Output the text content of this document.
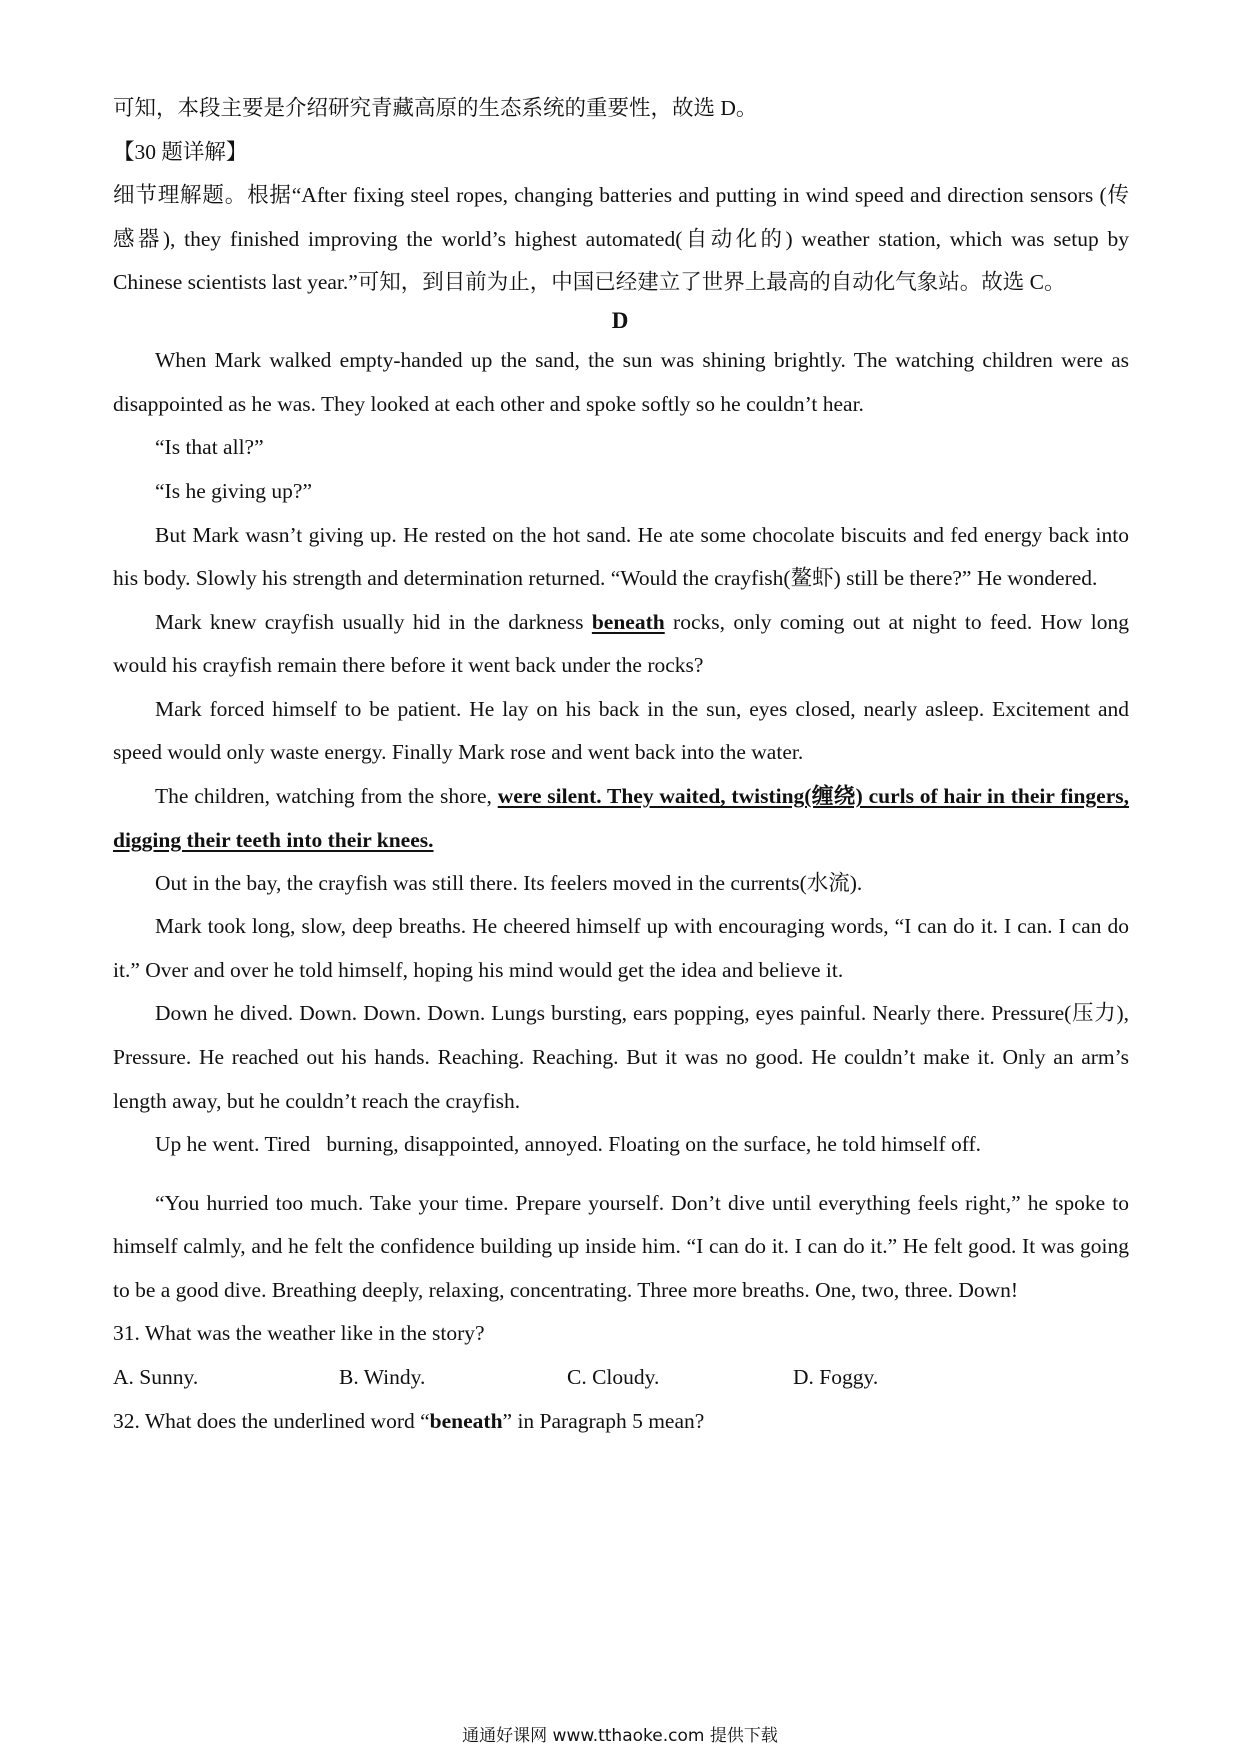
可知，本段主要是介绍研究青藏高原的生态系统的重要性，故选 D。
【30 题详解】
细节理解题。根据“After fixing steel ropes, changing batteries and putting in wind speed and direction sensors (传
感器), they finished improving the world’s highest automated(自动化的) weather station, which was setup by
Chinese scientists last year.”可知，到目前为止，中国已经建立了世界上最高的自动化气象站。故选 C。
D
When Mark walked empty-handed up the sand, the sun was shining brightly. The watching children were as
disappointed as he was. They looked at each other and spoke softly so he couldn’t hear.
“Is that all?”
“Is he giving up?”
But Mark wasn’t giving up. He rested on the hot sand. He ate some chocolate biscuits and fed energy back into
his body. Slowly his strength and determination returned. “Would the crayfish(鳌虾) still be there?” He wondered.
Mark knew crayfish usually hid in the darkness beneath rocks, only coming out at night to feed. How long
would his crayfish remain there before it went back under the rocks?
Mark forced himself to be patient. He lay on his back in the sun, eyes closed, nearly asleep. Excitement and
speed would only waste energy. Finally Mark rose and went back into the water.
The children, watching from the shore, were silent. They waited, twisting(缠绕) curls of hair in their fingers,
digging their teeth into their knees.
Out in the bay, the crayfish was still there. Its feelers moved in the currents(水流).
Mark took long, slow, deep breaths. He cheered himself up with encouraging words, “I can do it. I can. I can do
it.” Over and over he told himself, hoping his mind would get the idea and believe it.
Down he dived. Down. Down. Down. Lungs bursting, ears popping, eyes painful. Nearly there. Pressure(压力),
Pressure. He reached out his hands. Reaching. Reaching. But it was no good. He couldn’t make it. Only an arm’s
length away, but he couldn’t reach the crayfish.
Up he went. Tired   burning, disappointed, annoyed. Floating on the surface, he told himself off.
“You hurried too much. Take your time. Prepare yourself. Don’t dive until everything feels right,” he spoke to
himself calmly, and he felt the confidence building up inside him. “I can do it. I can do it.” He felt good. It was going
to be a good dive. Breathing deeply, relaxing, concentrating. Three more breaths. One, two, three. Down!
31. What was the weather like in the story?
A. Sunny.	B. Windy.	C. Cloudy.	D. Foggy.
32. What does the underlined word “beneath” in Paragraph 5 mean?
通通好课网 www.tthaoke.com 提供下载
